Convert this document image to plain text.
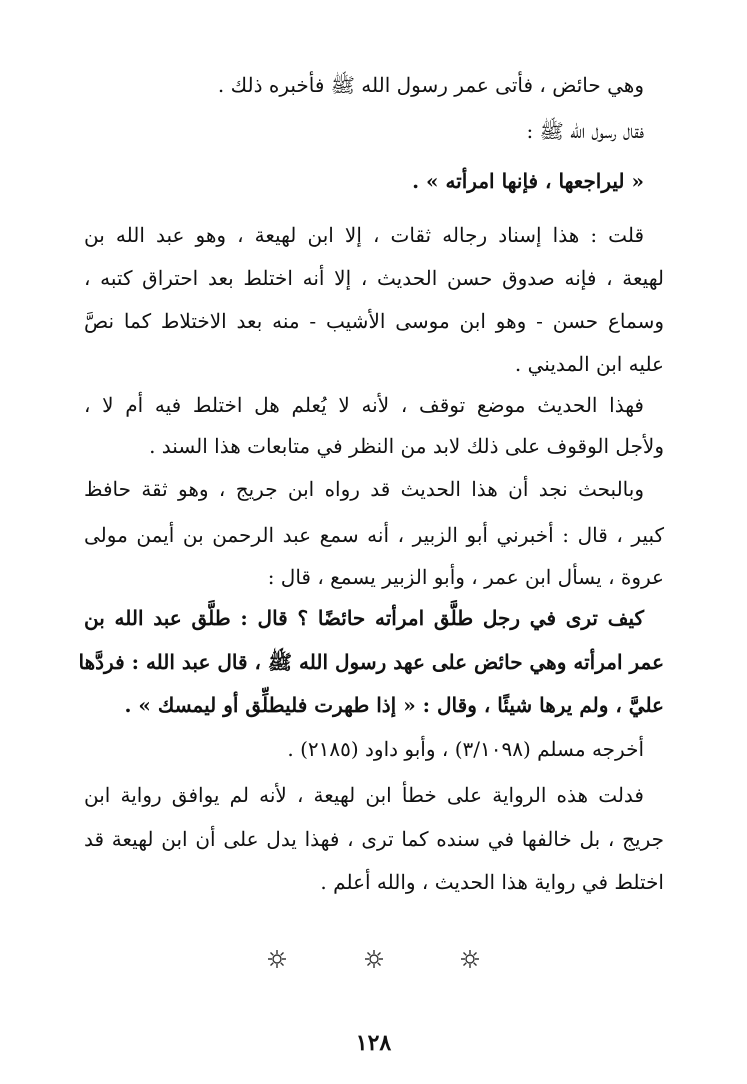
وهي حائض ، فأتى عمر رسول الله ﷺ فأخبره ذلك .
فقال رسول الله ﷺ :
« ليراجعها ، فإنها امرأته » .
قلت : هذا إسناد رجاله ثقات ، إلا ابن لهيعة ، وهو عبد الله بن
لهيعة ، فإنه صدوق حسن الحديث ، إلا أنه اختلط بعد احتراق كتبه ،
وسماع حسن - وهو ابن موسى الأشيب - منه بعد الاختلاط كما نصَّ
عليه ابن المديني .
فهذا الحديث موضع توقف ، لأنه لا يُعلم هل اختلط فيه أم لا ،
ولأجل الوقوف على ذلك لابد من النظر في متابعات هذا السند .
وبالبحث نجد أن هذا الحديث قد رواه ابن جريج ، وهو ثقة حافظ
كبير ، قال : أخبرني أبو الزبير ، أنه سمع عبد الرحمن بن أيمن مولى
عروة ، يسأل ابن عمر ، وأبو الزبير يسمع ، قال :
كيف ترى في رجل طلَّق امرأته حائضًا ؟ قال : طلَّق عبد الله بن
عمر امرأته وهي حائض على عهد رسول الله ﷺ ، قال عبد الله : فردَّها
عليَّ ، ولم يرها شيئًا ، وقال : « إذا طهرت فليطلِّق أو ليمسك » .
أخرجه مسلم (٣/١٠٩٨) ، وأبو داود (٢١٨٥) .
فدلت هذه الرواية على خطأ ابن لهيعة ، لأنه لم يوافق رواية ابن
جريج ، بل خالفها في سنده كما ترى ، فهذا يدل على أن ابن لهيعة قد
اختلط في رواية هذا الحديث ، والله أعلم .

١٢٨
